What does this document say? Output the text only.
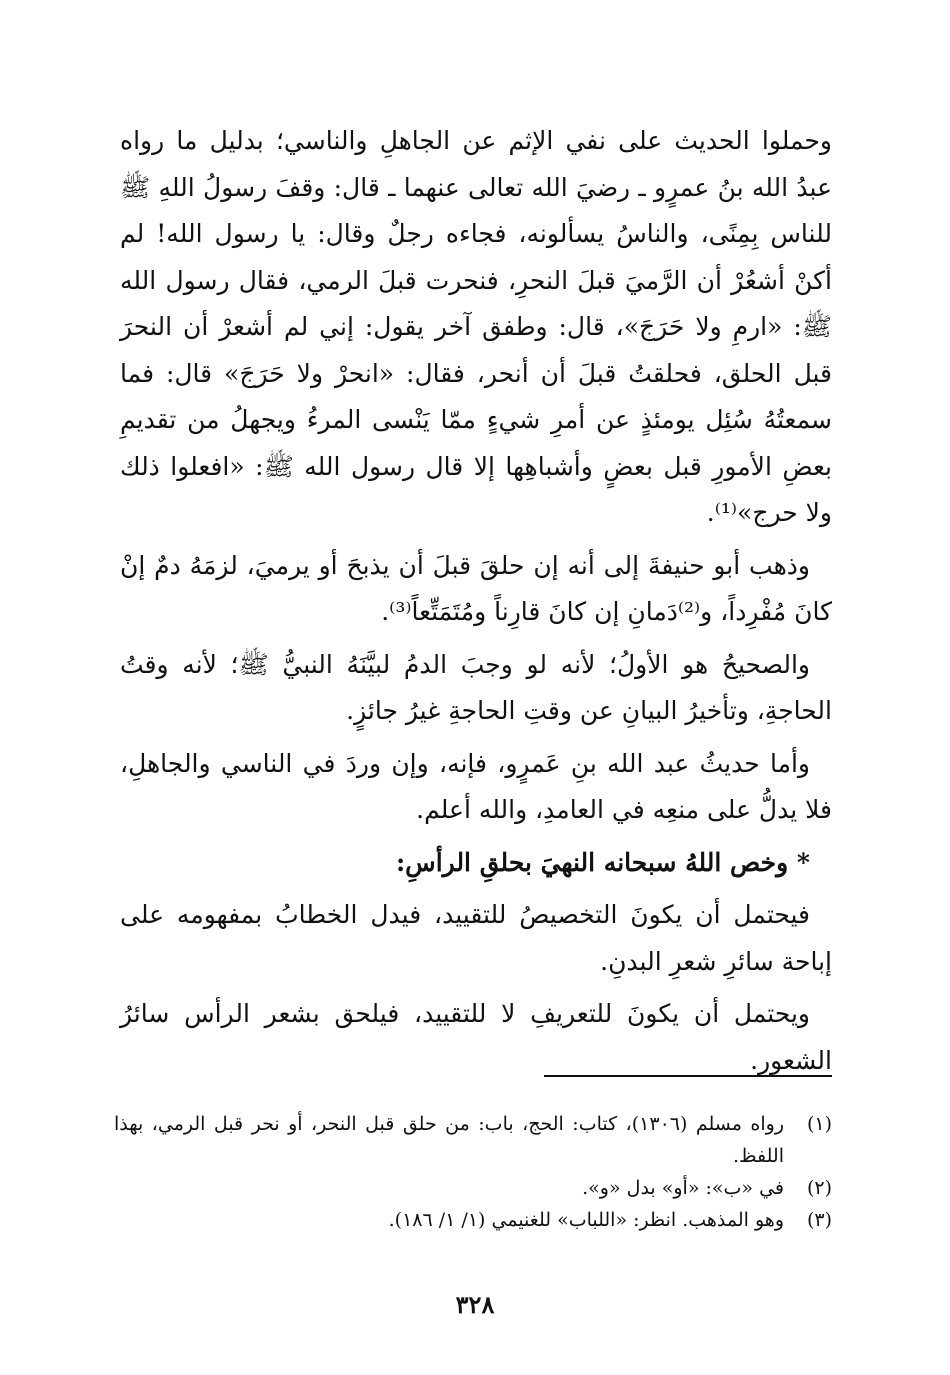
وحملوا الحديث على نفي الإثم عن الجاهلِ والناسي؛ بدليل ما رواه عبدُ الله بنُ عمرٍو ـ رضيَ الله تعالى عنهما ـ قال: وقفَ رسولُ اللهِ ﷺ للناس بِمِنًى، والناسُ يسألونه، فجاءه رجلٌ وقال: يا رسول الله! لم أكنْ أشعُرْ أن الرَّميَ قبلَ النحرِ، فنحرت قبلَ الرمي، فقال رسول الله ﷺ: «ارمِ ولا حَرَجَ»، قال: وطفق آخر يقول: إني لم أشعرْ أن النحرَ قبل الحلق، فحلقتُ قبلَ أن أنحر، فقال: «انحرْ ولا حَرَجَ» قال: فما سمعتُهُ سُئِل يومئذٍ عن أمرِ شيءٍ ممّا يَنْسى المرءُ ويجهلُ من تقديمِ بعضِ الأمورِ قبل بعضٍ وأشباهِها إلا قال رسول الله ﷺ: «افعلوا ذلك ولا حرج»⁽¹⁾.

وذهب أبو حنيفةَ إلى أنه إن حلقَ قبلَ أن يذبحَ أو يرميَ، لزمَهُ دمٌ إنْ كانَ مُفْرِداً، و⁽²⁾دَمانِ إن كانَ قارِناً ومُتَمَتِّعاً⁽³⁾.

والصحيحُ هو الأولُ؛ لأنه لو وجبَ الدمُ لبيَّنَهُ النبيُّ ﷺ؛ لأنه وقتُ الحاجةِ، وتأخيرُ البيانِ عن وقتِ الحاجةِ غيرُ جائزٍ.

وأما حديثُ عبد الله بنِ عَمرٍو، فإنه، وإن وردَ في الناسي والجاهلِ، فلا يدلُّ على منعِه في العامدِ، والله أعلم.

* وخص اللهُ سبحانه النهيَ بحلقِ الرأسِ:

فيحتمل أن يكونَ التخصيصُ للتقييد، فيدل الخطابُ بمفهومه على إباحة سائرِ شعرِ البدنِ.

ويحتمل أن يكونَ للتعريفِ لا للتقييد، فيلحق بشعر الرأس سائرُ الشعور.

(١)
رواه مسلم (١٣٠٦)، كتاب: الحج، باب: من حلق قبل النحر، أو نحر قبل الرمي، بهذا اللفظ.
(٢)
في «ب»: «أو» بدل «و».
(٣)
وهو المذهب. انظر: «اللباب» للغنيمي (١/ ١/ ١٨٦).
٣٢٨
